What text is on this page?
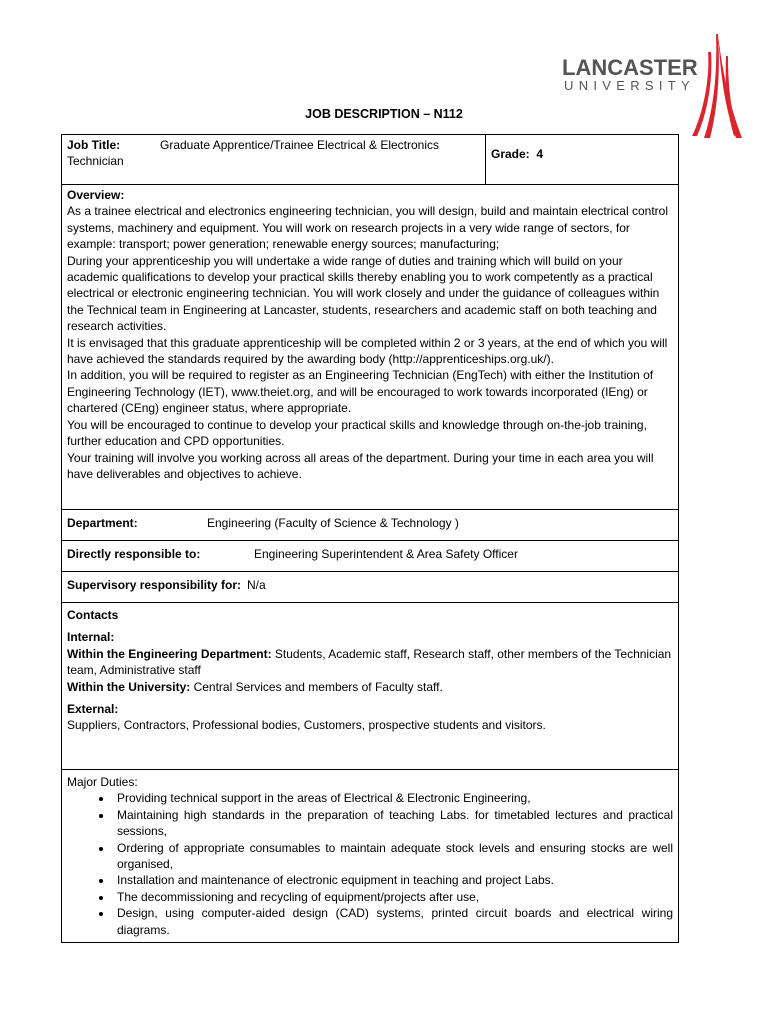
LANCASTER
UNIVERSITY
JOB DESCRIPTION – N112
Job Title:	Graduate Apprentice/Trainee Electrical & Electronics
Technician	Grade: 4

Overview:

As a trainee electrical and electronics engineering technician, you will design, build and maintain electrical control systems, machinery and equipment. You will work on research projects in a very wide range of sectors, for example: transport; power generation; renewable energy sources; manufacturing;

During your apprenticeship you will undertake a wide range of duties and training which will build on your academic qualifications to develop your practical skills thereby enabling you to work competently as a practical electrical or electronic engineering technician. You will work closely and under the guidance of colleagues within the Technical team in Engineering at Lancaster, students, researchers and academic staff on both teaching and research activities.

It is envisaged that this graduate apprenticeship will be completed within 2 or 3 years, at the end of which you will have achieved the standards required by the awarding body (http://apprenticeships.org.uk/).

In addition, you will be required to register as an Engineering Technician (EngTech) with either the Institution of Engineering Technology (IET), www.theiet.org, and will be encouraged to work towards incorporated (IEng) or chartered (CEng) engineer status, where appropriate.

You will be encouraged to continue to develop your practical skills and knowledge through on-the-job training, further education and CPD opportunities.

Your training will involve you working across all areas of the department. During your time in each area you will have deliverables and objectives to achieve.

Department:	Engineering (Faculty of Science & Technology )
Directly responsible to:	Engineering Superintendent & Area Safety Officer
Supervisory responsibility for: N/a

Contacts

Internal:

Within the Engineering Department: Students, Academic staff, Research staff, other members of the Technician team, Administrative staff

Within the University: Central Services and members of Faculty staff.

External:

Suppliers, Contractors, Professional bodies, Customers, prospective students and visitors.

Major Duties:

• Providing technical support in the areas of Electrical & Electronic Engineering,
• Maintaining high standards in the preparation of teaching Labs. for timetabled lectures and practical sessions,
• Ordering of appropriate consumables to maintain adequate stock levels and ensuring stocks are well organised,
• Installation and maintenance of electronic equipment in teaching and project Labs.
• The decommissioning and recycling of equipment/projects after use,
• Design, using computer-aided design (CAD) systems, printed circuit boards and electrical wiring diagrams.
